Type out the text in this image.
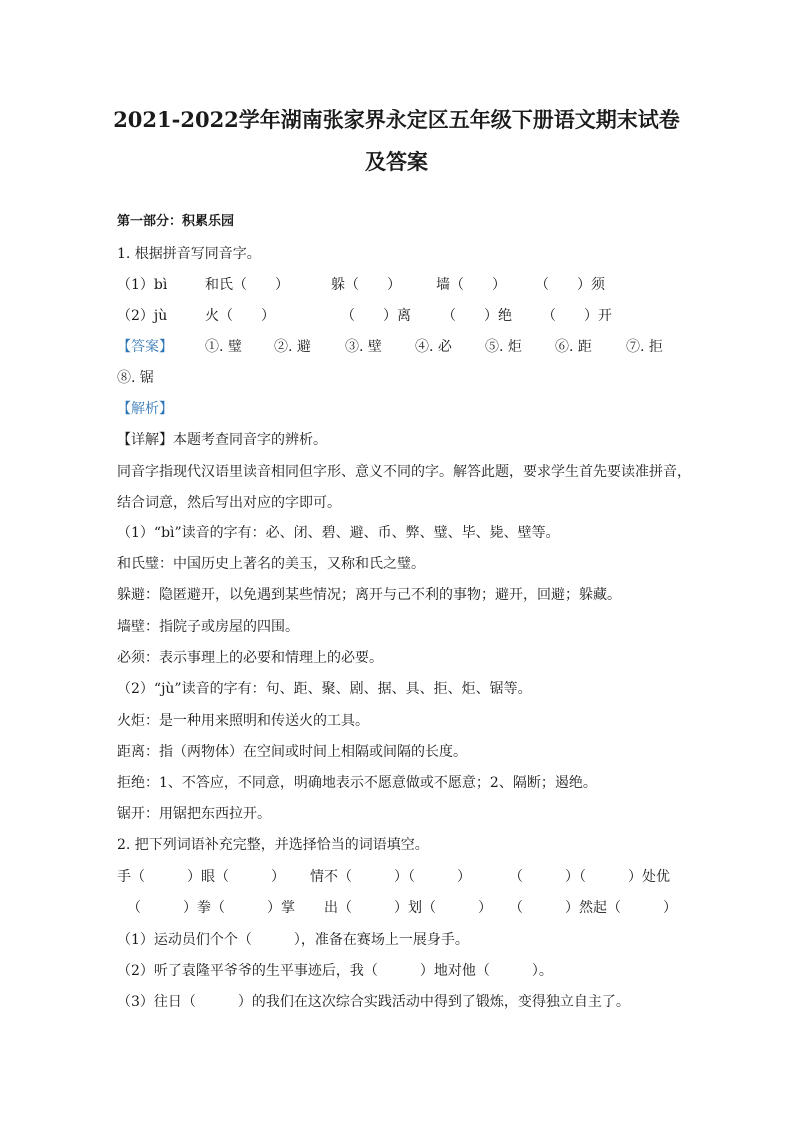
2021-2022学年湖南张家界永定区五年级下册语文期末试卷
及答案
第一部分：积累乐园
1. 根据拼音写同音字。
（1）bì	和氏（　　）	躲（　　）	墙（　　） （　　）须
（2）jù	火（　　）	（　　）离 （　　）绝 （　　）开
【答案】 ①. 璧 ②. 避 ③. 壁 ④. 必 ⑤. 炬 ⑥. 距 ⑦. 拒
⑧. 锯
【解析】
【详解】本题考查同音字的辨析。
同音字指现代汉语里读音相同但字形、意义不同的字。解答此题，要求学生首先要读准拼音，
结合词意，然后写出对应的字即可。
（1）“bì”读音的字有：必、闭、碧、避、币、弊、璧、毕、毙、壁等。
和氏璧：中国历史上著名的美玉，又称和氏之璧。
躲避：隐匿避开，以免遇到某些情况；离开与己不利的事物；避开，回避；躲藏。
墙壁：指院子或房屋的四围。
必须：表示事理上的必要和情理上的必要。
（2）“jù”读音的字有：句、距、聚、剧、据、具、拒、炬、锯等。
火炬：是一种用来照明和传送火的工具。
距离：指（两物体）在空间或时间上相隔或间隔的长度。
拒绝：1、不答应，不同意，明确地表示不愿意做或不愿意；2、隔断；遏绝。
锯开：用锯把东西拉开。
2. 把下列词语补充完整，并选择恰当的词语填空。
手（　　　）眼（　　　） 情不（　　　）（　　　）	（　　　）（　　　）处优
（　　　）拳（　　　）掌 出（　　　）划（　　　） （　　　）然起（　　　）
（1）运动员们个个（　　　），准备在赛场上一展身手。
（2）听了袁隆平爷爷的生平事迹后，我（　　　）地对他（　　　）。
（3）往日（　　　）的我们在这次综合实践活动中得到了锻炼，变得独立自主了。
